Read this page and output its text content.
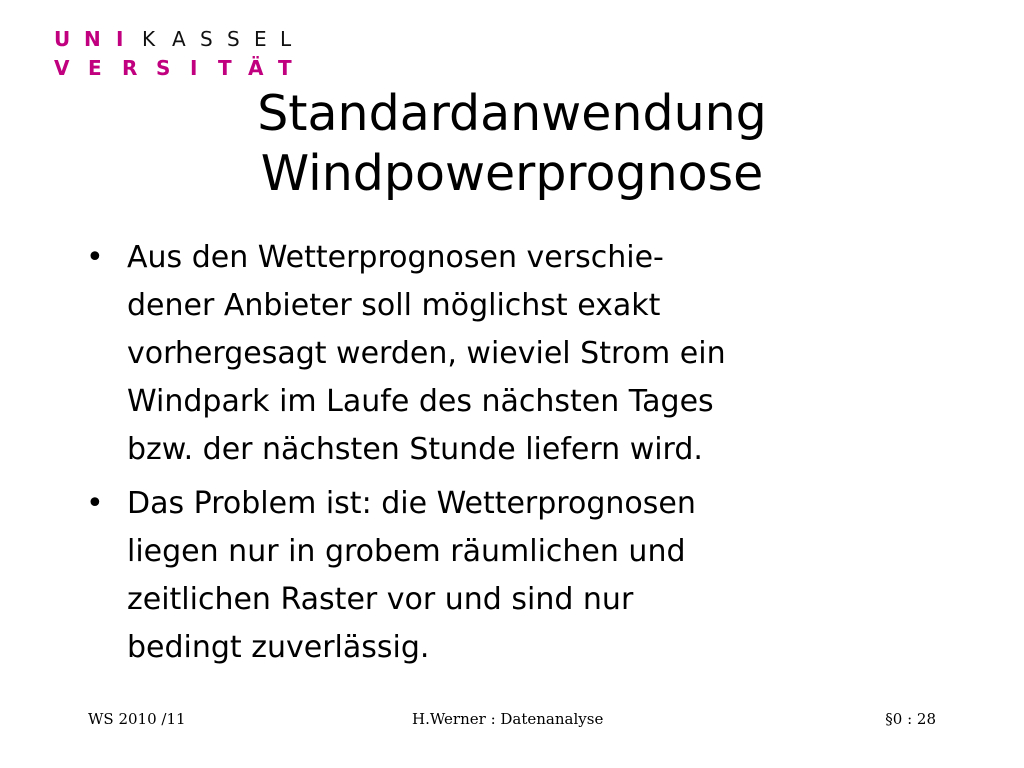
U N I K A S S E L
V E R S I T Ä T
Standardanwendung
Windpowerprognose
• Aus den Wetterprognosen verschie-
dener Anbieter soll möglichst exakt
vorhergesagt werden, wieviel Strom ein
Windpark im Laufe des nächsten Tages
bzw. der nächsten Stunde liefern wird.
• Das Problem ist: die Wetterprognosen
liegen nur in grobem räumlichen und
zeitlichen Raster vor und sind nur
bedingt zuverlässig.
WS 2010 /11	H.Werner : Datenanalyse	§0 : 28
